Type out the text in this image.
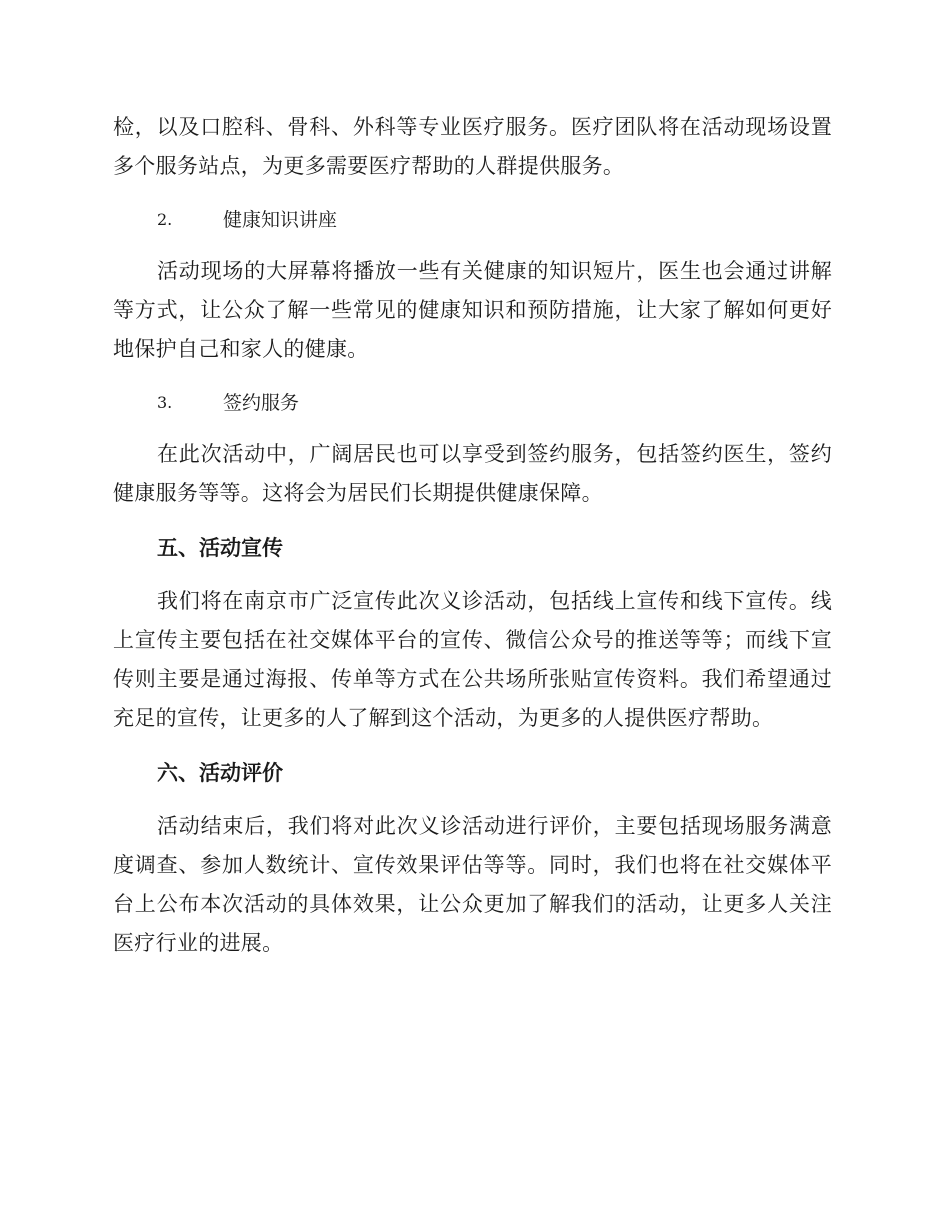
检，以及口腔科、骨科、外科等专业医疗服务。医疗团队将在活动现场设置多个服务站点，为更多需要医疗帮助的人群提供服务。

2.	健康知识讲座

活动现场的大屏幕将播放一些有关健康的知识短片，医生也会通过讲解等方式，让公众了解一些常见的健康知识和预防措施，让大家了解如何更好地保护自己和家人的健康。

3.	签约服务

在此次活动中，广阔居民也可以享受到签约服务，包括签约医生，签约健康服务等等。这将会为居民们长期提供健康保障。

五、活动宣传

我们将在南京市广泛宣传此次义诊活动，包括线上宣传和线下宣传。线上宣传主要包括在社交媒体平台的宣传、微信公众号的推送等等；而线下宣传则主要是通过海报、传单等方式在公共场所张贴宣传资料。我们希望通过充足的宣传，让更多的人了解到这个活动，为更多的人提供医疗帮助。

六、活动评价

活动结束后，我们将对此次义诊活动进行评价，主要包括现场服务满意度调查、参加人数统计、宣传效果评估等等。同时，我们也将在社交媒体平台上公布本次活动的具体效果，让公众更加了解我们的活动，让更多人关注医疗行业的进展。
